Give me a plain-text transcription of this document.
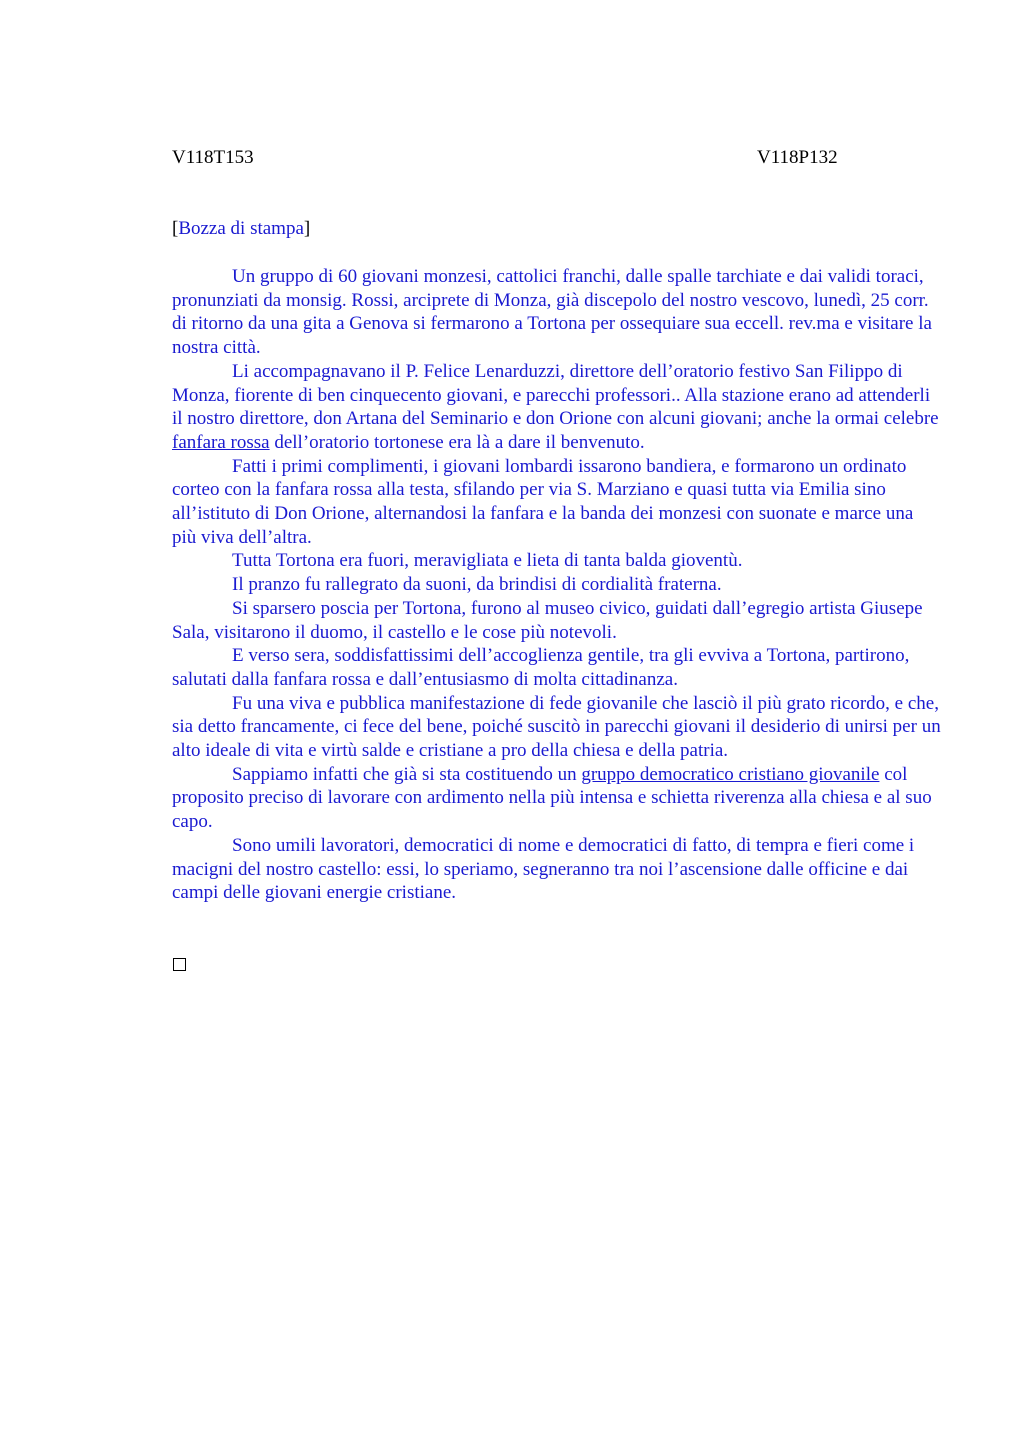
V118T153	V118P132
[Bozza di stampa]

Un gruppo di 60 giovani monzesi, cattolici franchi, dalle spalle tarchiate e dai validi toraci, pronunziati da monsig. Rossi, arciprete di Monza, già discepolo del nostro vescovo, lunedì, 25 corr. di ritorno da una gita a Genova si fermarono a Tortona per ossequiare sua eccell. rev.ma e visitare la nostra città.

Li accompagnavano il P. Felice Lenarduzzi, direttore dell’oratorio festivo San Filippo di Monza, fiorente di ben cinquecento giovani, e parecchi professori.. Alla stazione erano ad attenderli il nostro direttore, don Artana del Seminario e don Orione con alcuni giovani; anche la ormai celebre fanfara rossa dell’oratorio tortonese era là a dare il benvenuto.

Fatti i primi complimenti, i giovani lombardi issarono bandiera, e formarono un ordinato corteo con la fanfara rossa alla testa, sfilando per via S. Marziano e quasi tutta via Emilia sino all’istituto di Don Orione, alternandosi la fanfara e la banda dei monzesi con suonate e marce una più viva dell’altra.

Tutta Tortona era fuori, meravigliata e lieta di tanta balda gioventù.

Il pranzo fu rallegrato da suoni, da brindisi di cordialità fraterna.

Si sparsero poscia per Tortona, furono al museo civico, guidati dall’egregio artista Giusepe Sala, visitarono il duomo, il castello e le cose più notevoli.

E verso sera, soddisfattissimi dell’accoglienza gentile, tra gli evviva a Tortona, partirono, salutati dalla fanfara rossa e dall’entusiasmo di molta cittadinanza.

Fu una viva e pubblica manifestazione di fede giovanile che lasciò il più grato ricordo, e che, sia detto francamente, ci fece del bene, poiché suscitò in parecchi giovani il desiderio di unirsi per un alto ideale di vita e virtù salde e cristiane a pro della chiesa e della patria.

Sappiamo infatti che già si sta costituendo un gruppo democratico cristiano giovanile col proposito preciso di lavorare con ardimento nella più intensa e schietta riverenza alla chiesa e al suo capo.

Sono umili lavoratori, democratici di nome e democratici di fatto, di tempra e fieri come i macigni del nostro castello: essi, lo speriamo, segneranno tra noi l’ascensione dalle officine e dai campi delle giovani energie cristiane.
